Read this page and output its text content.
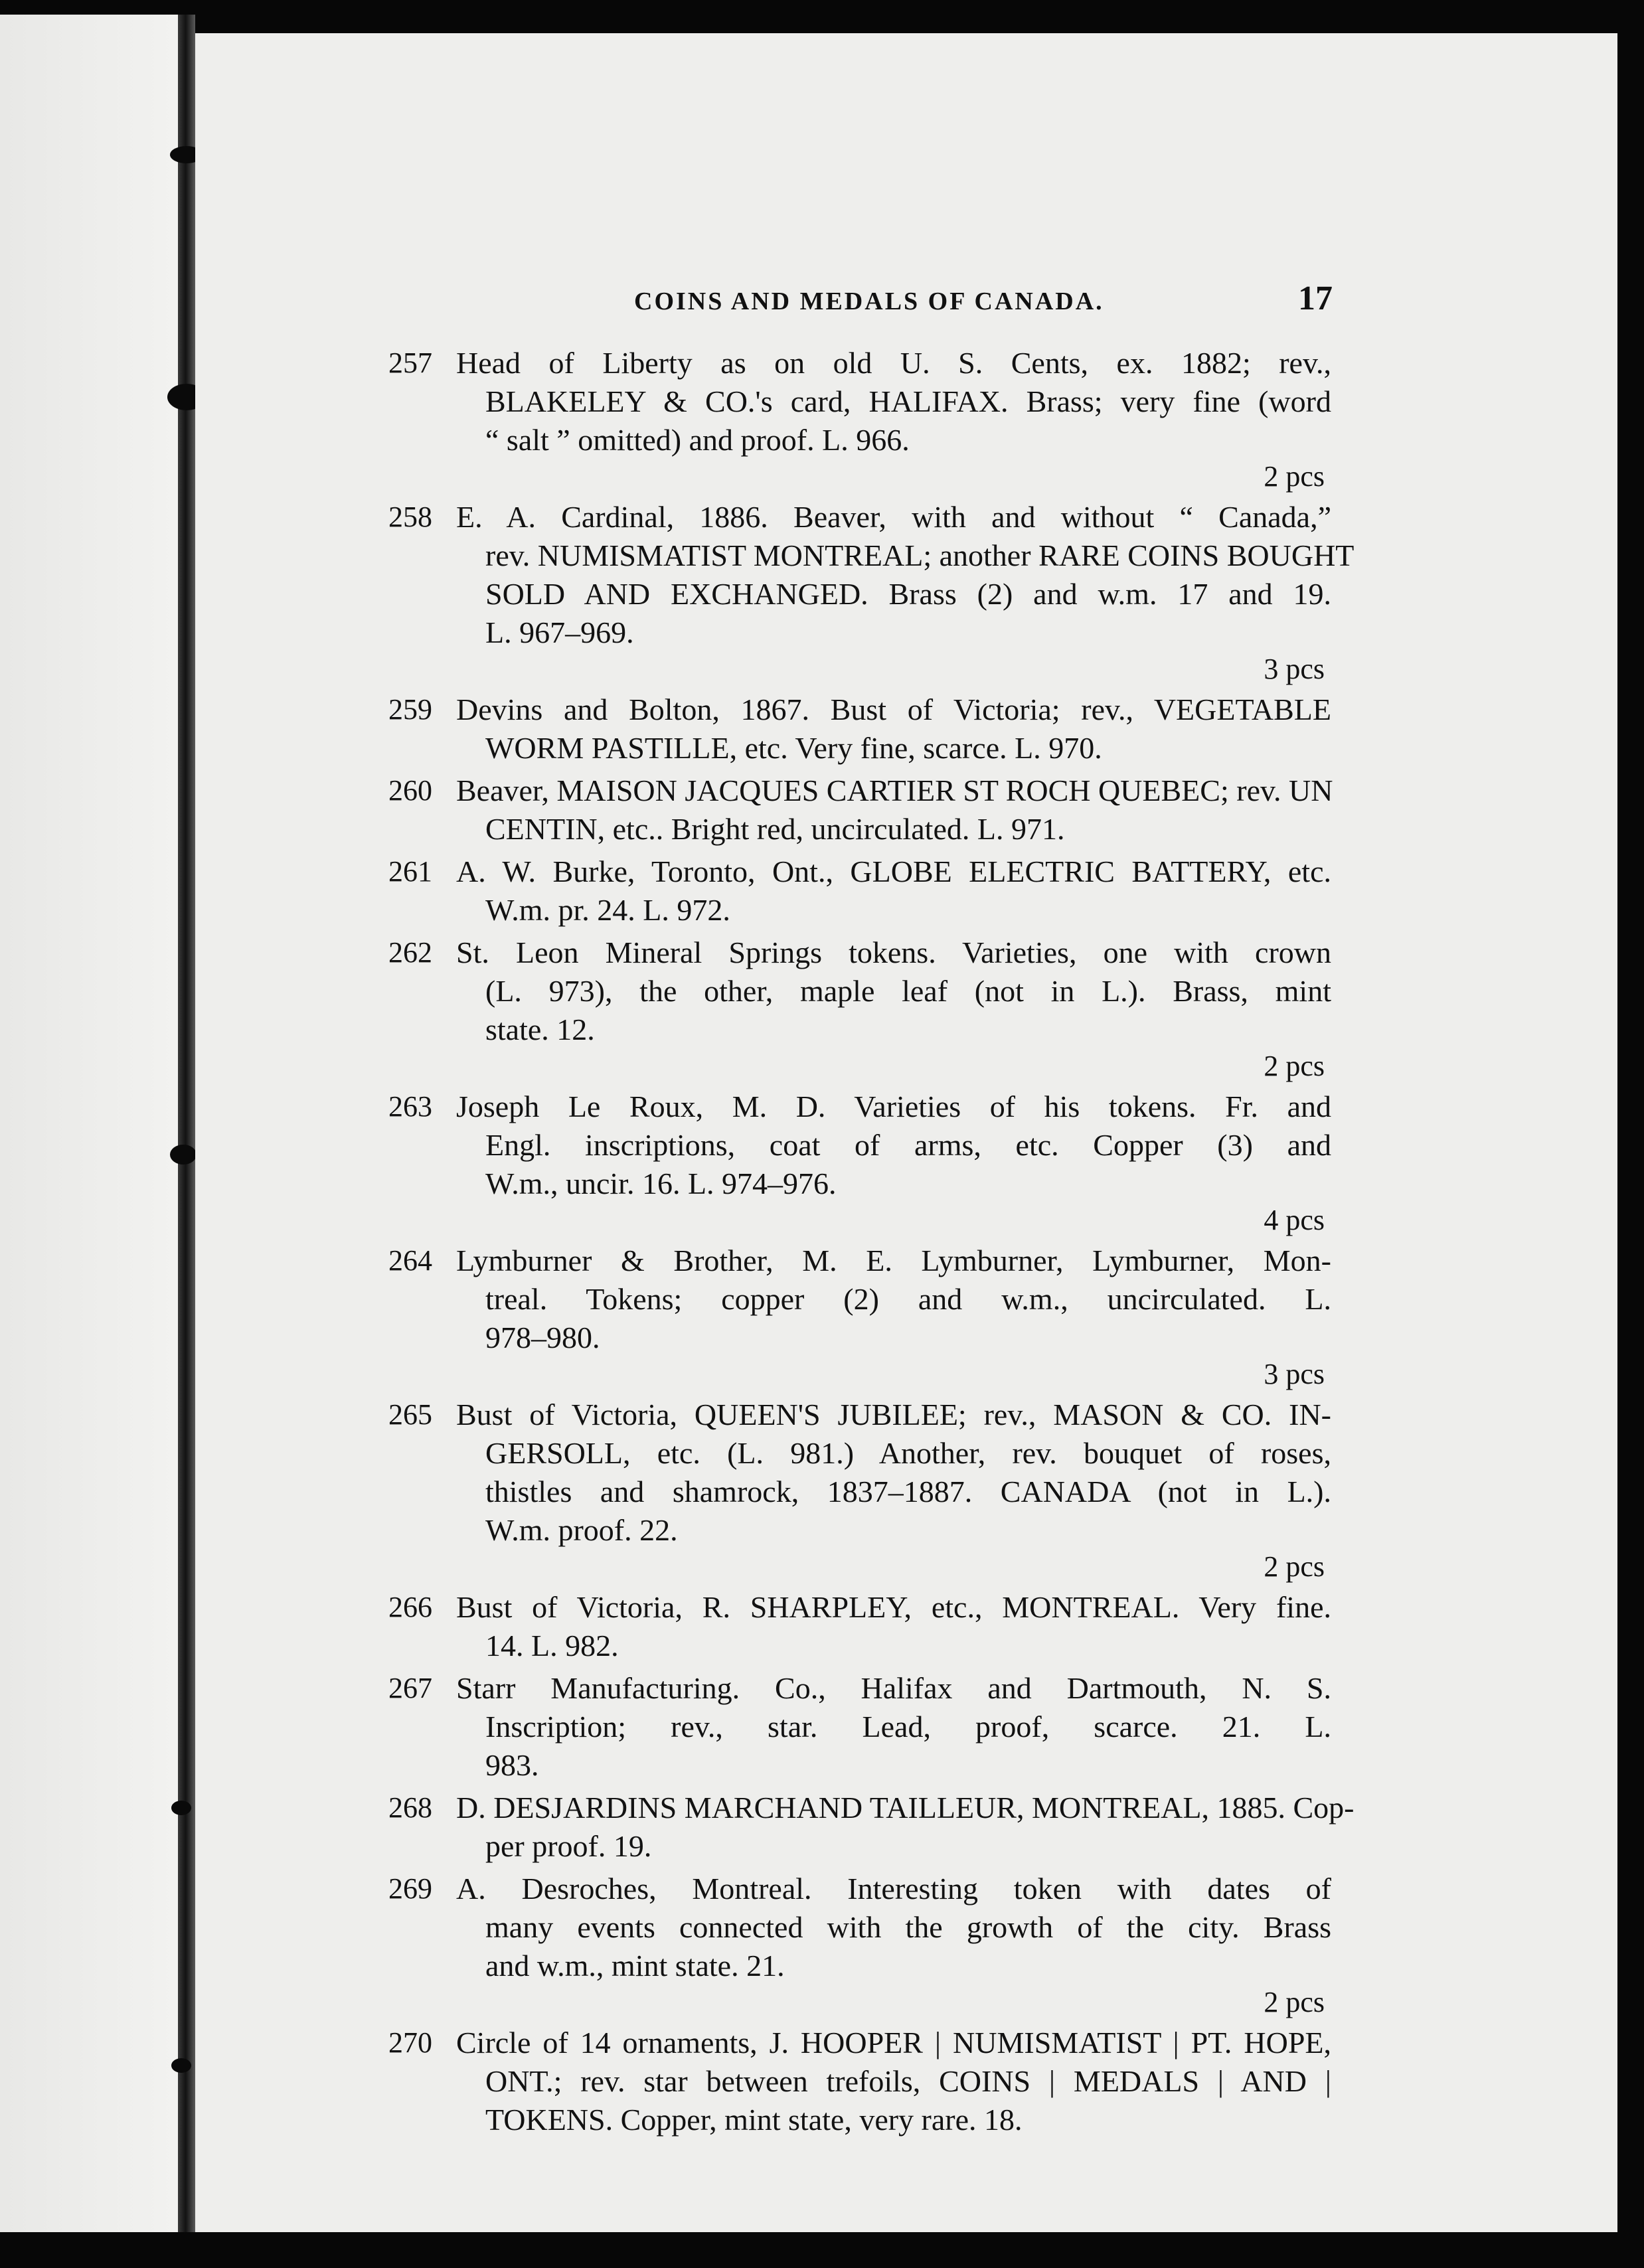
COINS AND MEDALS OF CANADA.	17
257 Head of Liberty as on old U. S. Cents, ex. 1882; rev.,
BLAKELEY & CO.'s card, HALIFAX. Brass; very fine (word
“ salt ” omitted) and proof. L. 966.
2 pcs
258 E. A. Cardinal, 1886. Beaver, with and without “ Canada,”
rev. NUMISMATIST MONTREAL; another RARE COINS BOUGHT
SOLD AND EXCHANGED. Brass (2) and w.m. 17 and 19.
L. 967–969.
3 pcs
259 Devins and Bolton, 1867. Bust of Victoria; rev., VEGETABLE
WORM PASTILLE, etc. Very fine, scarce. L. 970.
260 Beaver, MAISON JACQUES CARTIER ST ROCH QUEBEC; rev. UN
CENTIN, etc.. Bright red, uncirculated. L. 971.
261 A. W. Burke, Toronto, Ont., GLOBE ELECTRIC BATTERY, etc.
W.m. pr. 24. L. 972.
262 St. Leon Mineral Springs tokens. Varieties, one with crown
(L. 973), the other, maple leaf (not in L.). Brass, mint
state. 12.
2 pcs
263 Joseph Le Roux, M. D. Varieties of his tokens. Fr. and
Engl. inscriptions, coat of arms, etc. Copper (3) and
W.m., uncir. 16. L. 974–976.
4 pcs
264 Lymburner & Brother, M. E. Lymburner, Lymburner, Mon-
treal. Tokens; copper (2) and w.m., uncirculated. L.
978–980.
3 pcs
265 Bust of Victoria, QUEEN'S JUBILEE; rev., MASON & CO. IN-
GERSOLL, etc. (L. 981.) Another, rev. bouquet of roses,
thistles and shamrock, 1837–1887. CANADA (not in L.).
W.m. proof. 22.
2 pcs
266 Bust of Victoria, R. SHARPLEY, etc., MONTREAL. Very fine.
14. L. 982.
267 Starr Manufacturing. Co., Halifax and Dartmouth, N. S.
Inscription; rev., star. Lead, proof, scarce. 21. L.
983.
268 D. DESJARDINS MARCHAND TAILLEUR, MONTREAL, 1885. Cop-
per proof. 19.
269 A. Desroches, Montreal. Interesting token with dates of
many events connected with the growth of the city. Brass
and w.m., mint state. 21.
2 pcs
270 Circle of 14 ornaments, J. HOOPER | NUMISMATIST | PT. HOPE,
ONT.; rev. star between trefoils, COINS | MEDALS | AND |
TOKENS. Copper, mint state, very rare. 18.
